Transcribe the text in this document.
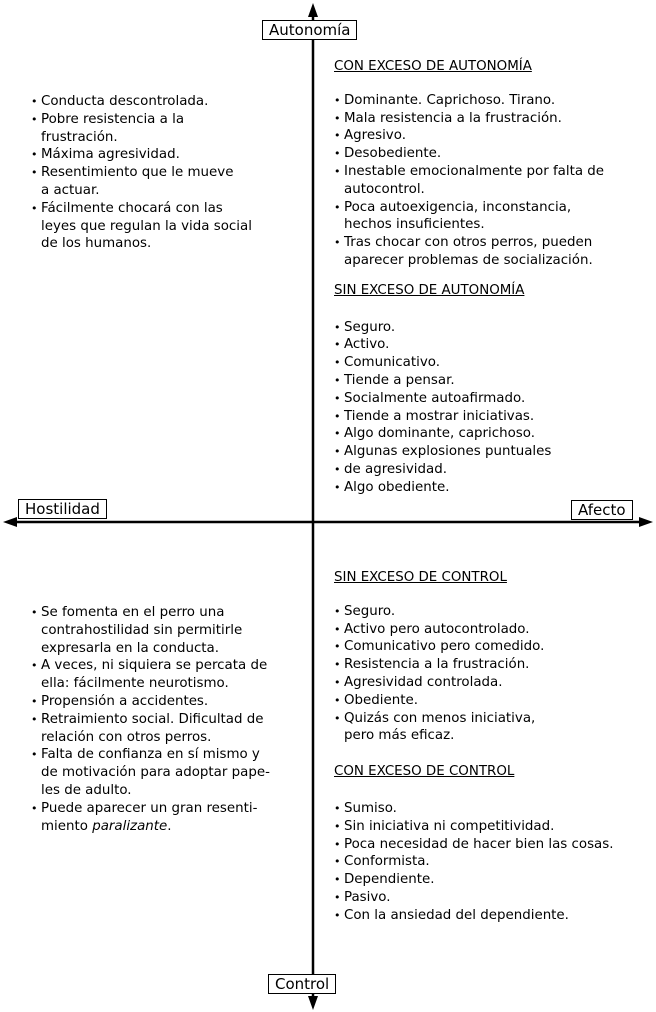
Autonomía
Control
Hostilidad	Afecto
• Conducta descontrolada.
• Pobre resistencia a la
frustración.
• Máxima agresividad.
• Resentimiento que le mueve
a actuar.
• Fácilmente chocará con las
leyes que regulan la vida social
de los humanos.

CON EXCESO DE AUTONOMÍA

• Dominante. Caprichoso. Tirano.
• Mala resistencia a la frustración.
• Agresivo.
• Desobediente.
• Inestable emocionalmente por falta de
autocontrol.
• Poca autoexigencia, inconstancia,
hechos insuficientes.
• Tras chocar con otros perros, pueden
aparecer problemas de socialización.

SIN EXCESO DE AUTONOMÍA

• Seguro.
• Activo.
• Comunicativo.
• Tiende a pensar.
• Socialmente autoafirmado.
• Tiende a mostrar iniciativas.
• Algo dominante, caprichoso.
• Algunas explosiones puntuales
• de agresividad.
• Algo obediente.
• Se fomenta en el perro una
contrahostilidad sin permitirle
expresarla en la conducta.
• A veces, ni siquiera se percata de
ella: fácilmente neurotismo.
• Propensión a accidentes.
• Retraimiento social. Dificultad de
relación con otros perros.
• Falta de confianza en sí mismo y
de motivación para adoptar pape-
les de adulto.
• Puede aparecer un gran resenti-
miento paralizante.

SIN EXCESO DE CONTROL

• Seguro.
• Activo pero autocontrolado.
• Comunicativo pero comedido.
• Resistencia a la frustración.
• Agresividad controlada.
• Obediente.
• Quizás con menos iniciativa,
pero más eficaz.

CON EXCESO DE CONTROL

• Sumiso.
• Sin iniciativa ni competitividad.
• Poca necesidad de hacer bien las cosas.
• Conformista.
• Dependiente.
• Pasivo.
• Con la ansiedad del dependiente.
